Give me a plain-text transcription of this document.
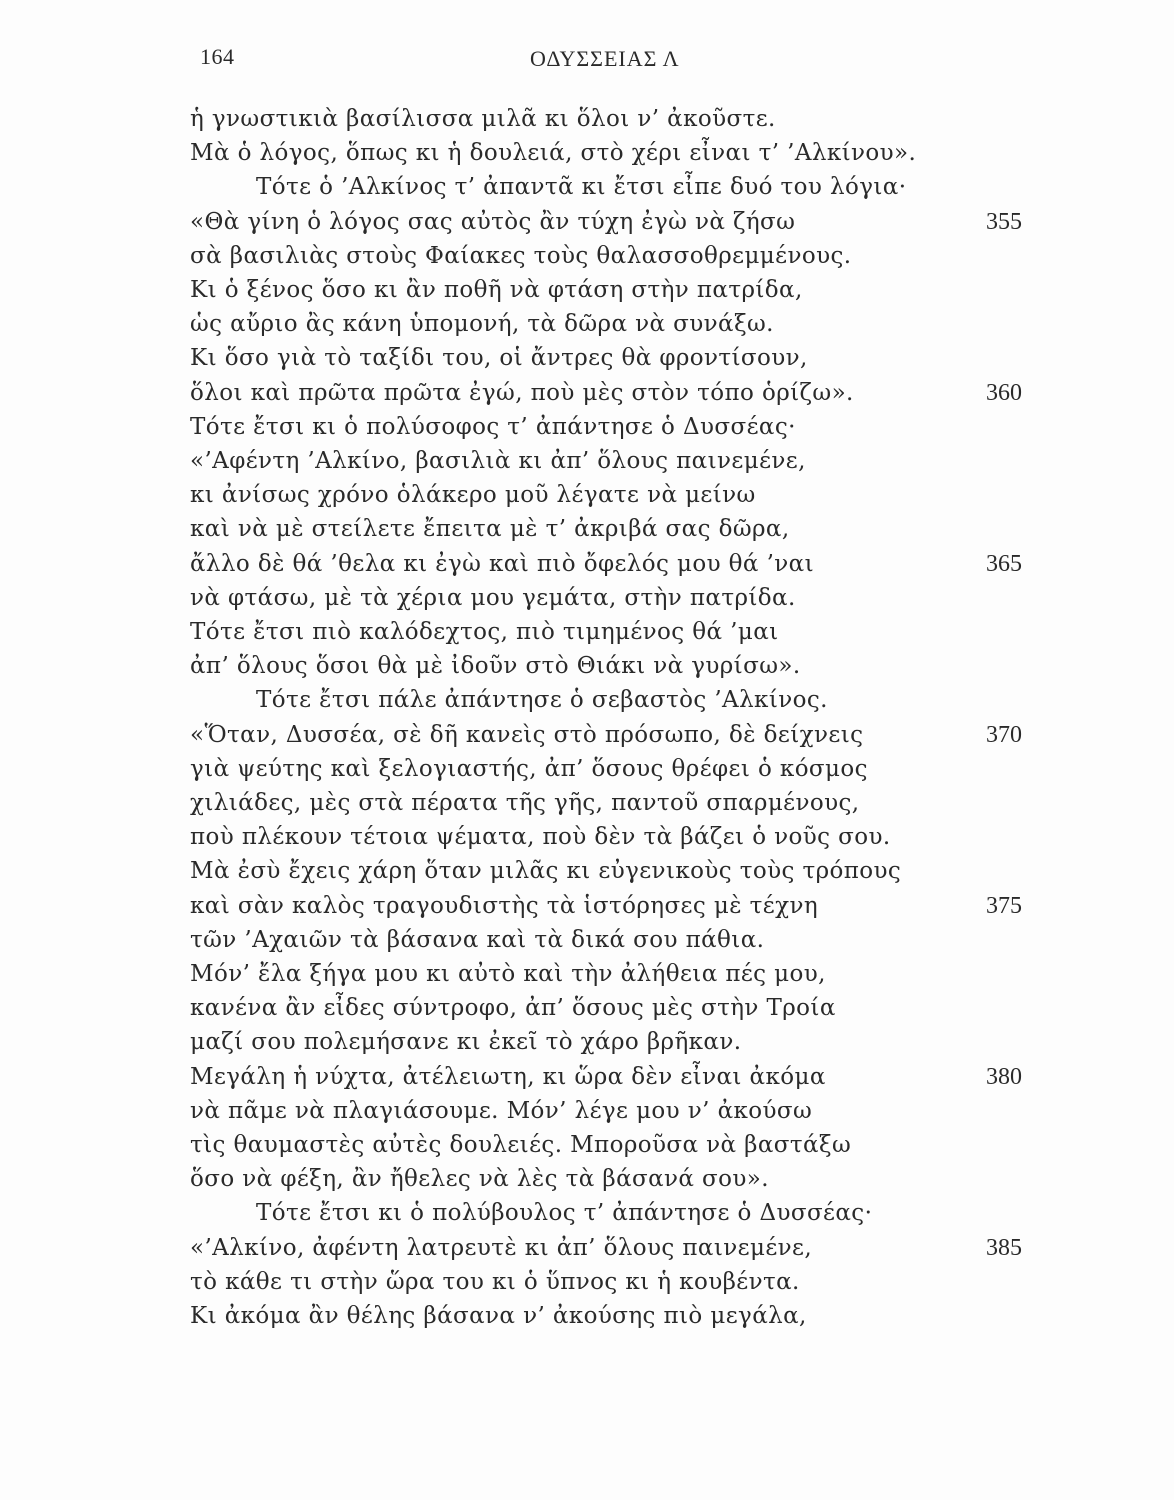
164	ΟΔΥΣΣΕΙΑΣ Λ
ἡ γνωστικιὰ βασίλισσα μιλᾶ κι ὅλοι ν’ ἀκοῦστε.
Μὰ ὁ λόγος, ὅπως κι ἡ δουλειά, στὸ χέρι εἶναι τ’ ’Αλκίνου».
Τότε ὁ ’Αλκίνος τ’ ἀπαντᾶ κι ἔτσι εἶπε δυό του λόγια·
«Θὰ γίνη ὁ λόγος σας αὐτὸς ἂν τύχη ἐγὼ νὰ ζήσω	355
σὰ βασιλιὰς στοὺς Φαίακες τοὺς θαλασσοθρεμμένους.
Κι ὁ ξένος ὅσο κι ἂν ποθῆ νὰ φτάση στὴν πατρίδα,
ὡς αὔριο ἂς κάνη ὑπομονή, τὰ δῶρα νὰ συνάξω.
Κι ὅσο γιὰ τὸ ταξίδι του, οἱ ἄντρες θὰ φροντίσουν,
ὅλοι καὶ πρῶτα πρῶτα ἐγώ, ποὺ μὲς στὸν τόπο ὁρίζω».	360
Τότε ἔτσι κι ὁ πολύσοφος τ’ ἀπάντησε ὁ Δυσσέας·
«’Αφέντη ’Αλκίνο, βασιλιὰ κι ἀπ’ ὅλους παινεμένε,
κι ἀνίσως χρόνο ὁλάκερο μοῦ λέγατε νὰ μείνω
καὶ νὰ μὲ στείλετε ἔπειτα μὲ τ’ ἀκριβά σας δῶρα,
ἄλλο δὲ θά ’θελα κι ἐγὼ καὶ πιὸ ὄφελός μου θά ’ναι	365
νὰ φτάσω, μὲ τὰ χέρια μου γεμάτα, στὴν πατρίδα.
Τότε ἔτσι πιὸ καλόδεχτος, πιὸ τιμημένος θά ’μαι
ἀπ’ ὅλους ὅσοι θὰ μὲ ἰδοῦν στὸ Θιάκι νὰ γυρίσω».
Τότε ἔτσι πάλε ἀπάντησε ὁ σεβαστὸς ’Αλκίνος.
«Ὅταν, Δυσσέα, σὲ δῆ κανεὶς στὸ πρόσωπο, δὲ δείχνεις	370
γιὰ ψεύτης καὶ ξελογιαστής, ἀπ’ ὅσους θρέφει ὁ κόσμος
χιλιάδες, μὲς στὰ πέρατα τῆς γῆς, παντοῦ σπαρμένους,
ποὺ πλέκουν τέτοια ψέματα, ποὺ δὲν τὰ βάζει ὁ νοῦς σου.
Μὰ ἐσὺ ἔχεις χάρη ὅταν μιλᾶς κι εὐγενικοὺς τοὺς τρόπους
καὶ σὰν καλὸς τραγουδιστὴς τὰ ἱστόρησες μὲ τέχνη	375
τῶν ’Αχαιῶν τὰ βάσανα καὶ τὰ δικά σου πάθια.
Μόν’ ἔλα ξήγα μου κι αὐτὸ καὶ τὴν ἀλήθεια πές μου,
κανένα ἂν εἶδες σύντροφο, ἀπ’ ὅσους μὲς στὴν Τροία
μαζί σου πολεμήσανε κι ἐκεῖ τὸ χάρο βρῆκαν.
Μεγάλη ἡ νύχτα, ἀτέλειωτη, κι ὥρα δὲν εἶναι ἀκόμα	380
νὰ πᾶμε νὰ πλαγιάσουμε. Μόν’ λέγε μου ν’ ἀκούσω
τὶς θαυμαστὲς αὐτὲς δουλειές. Μποροῦσα νὰ βαστάξω
ὅσο νὰ φέξη, ἂν ἤθελες νὰ λὲς τὰ βάσανά σου».
Τότε ἔτσι κι ὁ πολύβουλος τ’ ἀπάντησε ὁ Δυσσέας·
«’Αλκίνο, ἀφέντη λατρευτὲ κι ἀπ’ ὅλους παινεμένε,	385
τὸ κάθε τι στὴν ὥρα του κι ὁ ὕπνος κι ἡ κουβέντα.
Κι ἀκόμα ἂν θέλης βάσανα ν’ ἀκούσης πιὸ μεγάλα,
